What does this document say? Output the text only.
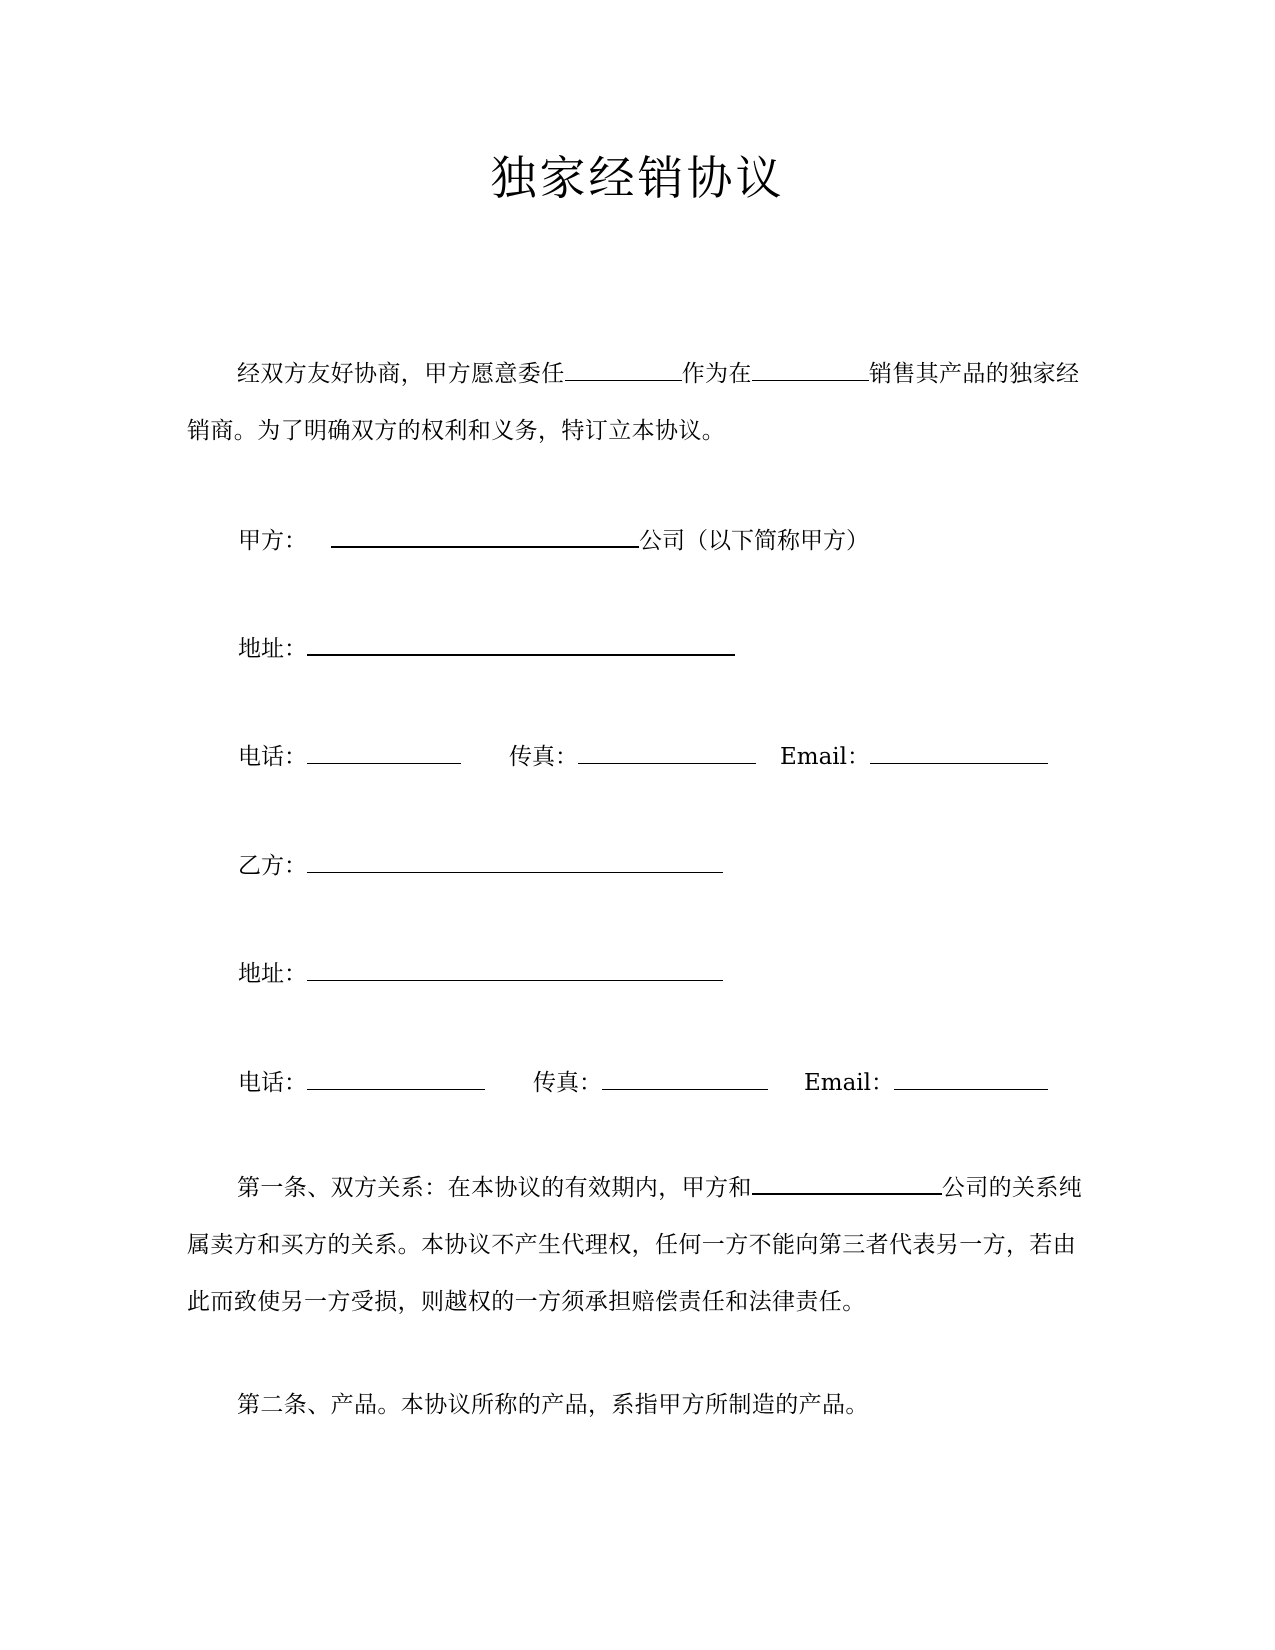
独家经销协议

经双方友好协商，甲方愿意委任	作为在	销售其产品的独家经销商。为了明确双方的权利和义务，特订立本协议。

甲方：	公司（以下简称甲方）
地址：
电话：	传真：	Email：
乙方：
地址：
电话：	传真：	Email：

第一条、双方关系：在本协议的有效期内，甲方和	公司的关系纯属卖方和买方的关系。本协议不产生代理权，任何一方不能向第三者代表另一方，若由此而致使另一方受损，则越权的一方须承担赔偿责任和法律责任。

第二条、产品。本协议所称的产品，系指甲方所制造的产品。
